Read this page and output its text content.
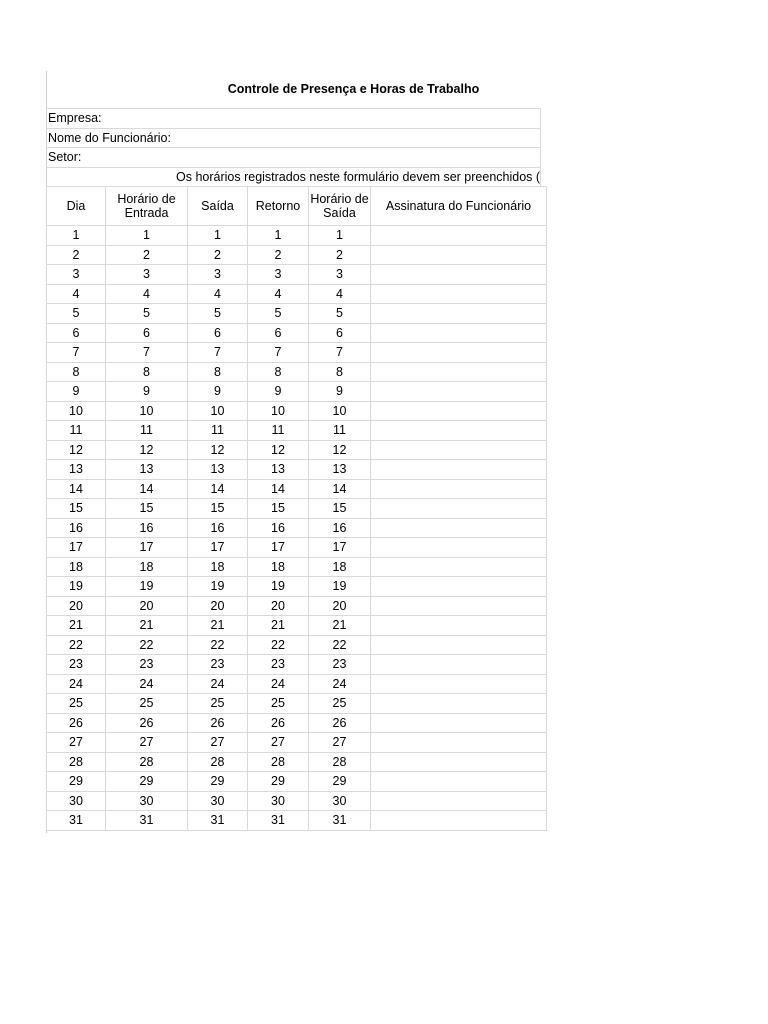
Controle de Presença e Horas de Trabalho
Empresa:
Nome do Funcionário:
Setor:
Os horários registrados neste formulário devem ser preenchidos (
Dia	Horário de Entrada	Saída	Retorno	Horário de Saída	Assinatura do Funcionário
1	1	1	1	1	
2	2	2	2	2	
3	3	3	3	3	
4	4	4	4	4	
5	5	5	5	5	
6	6	6	6	6	
7	7	7	7	7	
8	8	8	8	8	
9	9	9	9	9	
10	10	10	10	10	
11	11	11	11	11	
12	12	12	12	12	
13	13	13	13	13	
14	14	14	14	14	
15	15	15	15	15	
16	16	16	16	16	
17	17	17	17	17	
18	18	18	18	18	
19	19	19	19	19	
20	20	20	20	20	
21	21	21	21	21	
22	22	22	22	22	
23	23	23	23	23	
24	24	24	24	24	
25	25	25	25	25	
26	26	26	26	26	
27	27	27	27	27	
28	28	28	28	28	
29	29	29	29	29	
30	30	30	30	30	
31	31	31	31	31	
